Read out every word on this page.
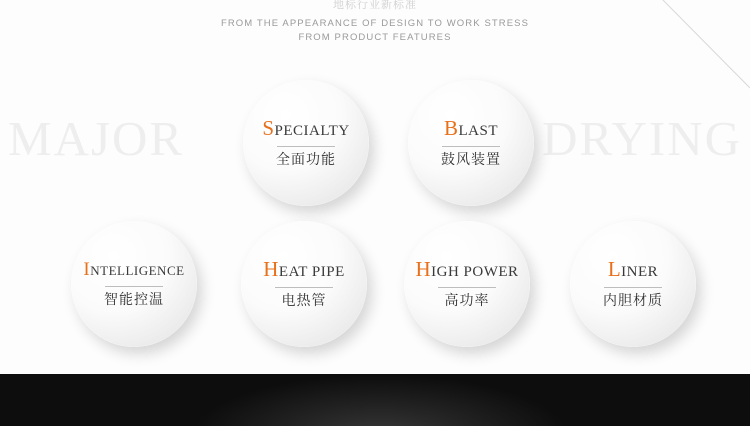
地标行业新标准
FROM THE APPEARANCE OF DESIGN TO WORK STRESS
FROM PRODUCT FEATURES
MAJOR	DRYING
SPECIALTY
全面功能
BLAST
鼓风装置
INTELLIGENCE
智能控温
HEAT PIPE
电热管
HIGH POWER
高功率
LINER
内胆材质
